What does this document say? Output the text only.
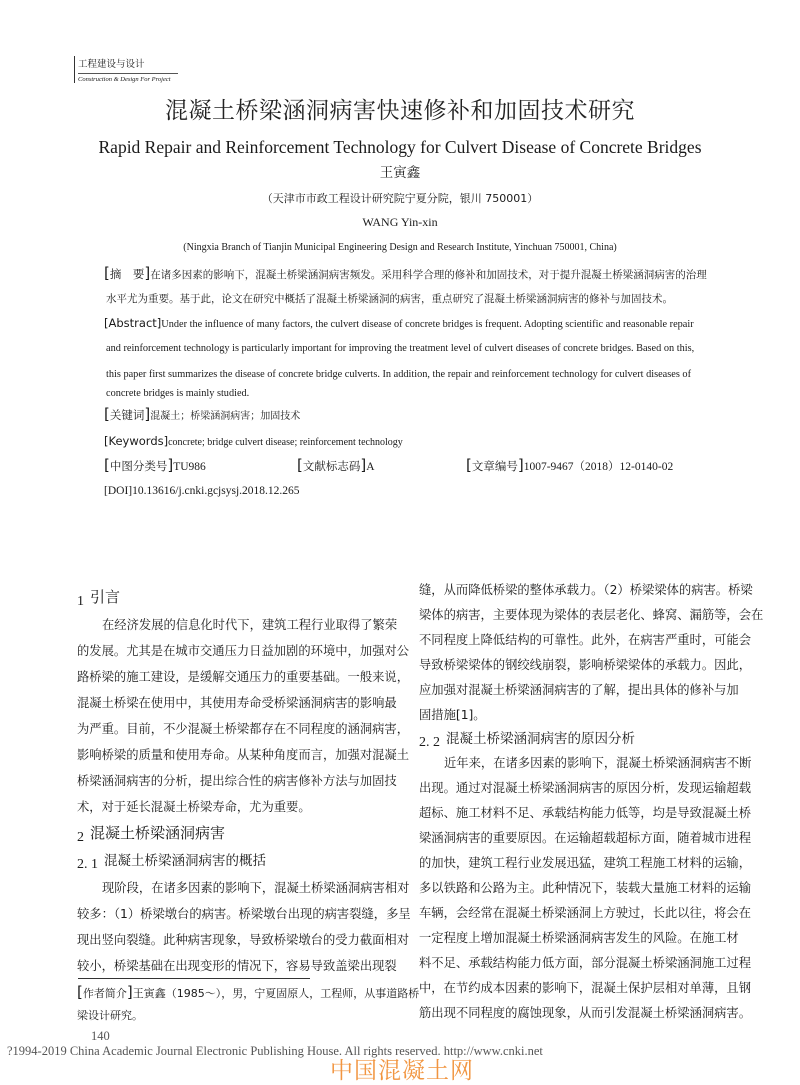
工程建设与设计
Construction & Design For Project
混凝土桥梁涵洞病害快速修补和加固技术研究
Rapid Repair and Reinforcement Technology for Culvert Disease of Concrete Bridges
王寅鑫
（天津市市政工程设计研究院宁夏分院，银川 750001）
WANG Yin-xin
(Ningxia Branch of Tianjin Municipal Engineering Design and Research Institute, Yinchuan 750001, China)
[摘　要]在诸多因素的影响下，混凝土桥梁涵洞病害频发。采用科学合理的修补和加固技术，对于提升混凝土桥梁涵洞病害的治理
水平尤为重要。基于此，论文在研究中概括了混凝土桥梁涵洞的病害，重点研究了混凝土桥梁涵洞病害的修补与加固技术。
[Abstract]Under the influence of many factors, the culvert disease of concrete bridges is frequent. Adopting scientific and reasonable repair
and reinforcement technology is particularly important for improving the treatment level of culvert diseases of concrete bridges. Based on this,
this paper first summarizes the disease of concrete bridge culverts. In addition, the repair and reinforcement technology for culvert diseases of
concrete bridges is mainly studied.
[关键词]混凝土；桥梁涵洞病害；加固技术
[Keywords]concrete; bridge culvert disease; reinforcement technology
[中图分类号]TU986	[文献标志码]A	[文章编号]1007-9467（2018）12-0140-02
[DOI]10.13616/j.cnki.gcjsysj.2018.12.265
1 引言
在经济发展的信息化时代下，建筑工程行业取得了繁荣
的发展。尤其是在城市交通压力日益加剧的环境中，加强对公
路桥梁的施工建设，是缓解交通压力的重要基础。一般来说，
混凝土桥梁在使用中，其使用寿命受桥梁涵洞病害的影响最
为严重。目前，不少混凝土桥梁都存在不同程度的涵洞病害，
影响桥梁的质量和使用寿命。从某种角度而言，加强对混凝土
桥梁涵洞病害的分析，提出综合性的病害修补方法与加固技
术，对于延长混凝土桥梁寿命，尤为重要。
2 混凝土桥梁涵洞病害
2. 1 混凝土桥梁涵洞病害的概括
现阶段，在诸多因素的影响下，混凝土桥梁涵洞病害相对
较多：（1）桥梁墩台的病害。桥梁墩台出现的病害裂缝，多呈
现出竖向裂缝。此种病害现象，导致桥梁墩台的受力截面相对
较小，桥梁基础在出现变形的情况下，容易导致盖梁出现裂
[作者简介]王寅鑫（1985～），男，宁夏固原人，工程师，从事道路桥
梁设计研究。
缝，从而降低桥梁的整体承载力。（2）桥梁梁体的病害。桥梁
梁体的病害，主要体现为梁体的表层老化、蜂窝、漏筋等，会在
不同程度上降低结构的可靠性。此外，在病害严重时，可能会
导致桥梁梁体的钢绞线崩裂，影响桥梁梁体的承载力。因此，
应加强对混凝土桥梁涵洞病害的了解，提出具体的修补与加
固措施[1]。
2. 2 混凝土桥梁涵洞病害的原因分析
近年来，在诸多因素的影响下，混凝土桥梁涵洞病害不断
出现。通过对混凝土桥梁涵洞病害的原因分析，发现运输超载
超标、施工材料不足、承载结构能力低等，均是导致混凝土桥
梁涵洞病害的重要原因。在运输超载超标方面，随着城市进程
的加快，建筑工程行业发展迅猛，建筑工程施工材料的运输，
多以铁路和公路为主。此种情况下，装载大量施工材料的运输
车辆，会经常在混凝土桥梁涵洞上方驶过，长此以往，将会在
一定程度上增加混凝土桥梁涵洞病害发生的风险。在施工材
料不足、承载结构能力低方面，部分混凝土桥梁涵洞施工过程
中，在节约成本因素的影响下，混凝土保护层相对单薄，且钢
筋出现不同程度的腐蚀现象，从而引发混凝土桥梁涵洞病害。
140
?1994-2019 China Academic Journal Electronic Publishing House. All rights reserved. http://www.cnki.net
中国混凝土网
